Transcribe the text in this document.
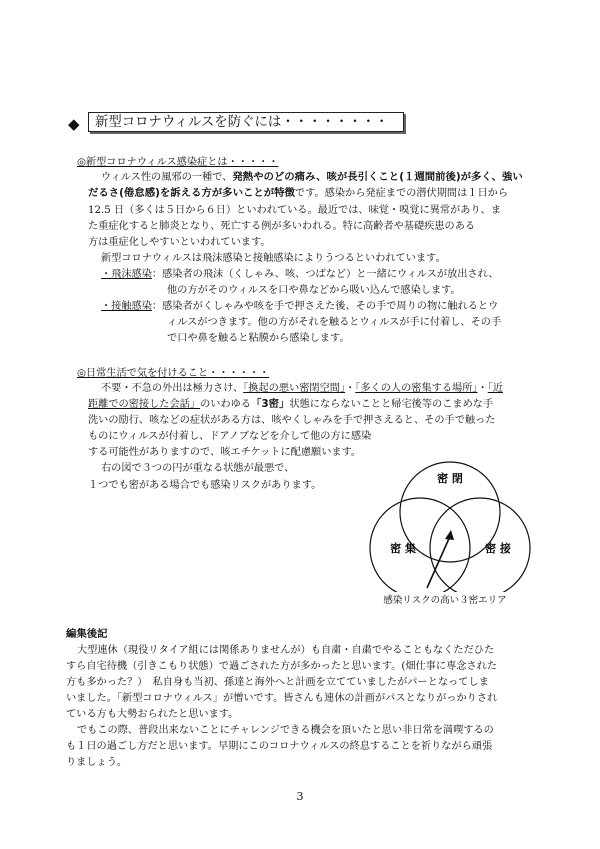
◆	新型コロナウィルスを防ぐには・・・・・・・・
◎新型コロナウィルス感染症とは・・・・・
ウィルス性の風邪の一種で、発熱やのどの痛み、咳が長引くこと(１週間前後)が多く、強い
だるさ(倦怠感)を訴える方が多いことが特徴です。感染から発症までの潜伏期間は１日から
12.5 日（多くは５日から６日）といわれている。最近では、味覚・嗅覚に異常があり、ま
た重症化すると肺炎となり、死亡する例が多いわれる。特に高齢者や基礎疾患のある
方は重症化しやすいといわれています。
新型コロナウィルスは飛沫感染と接触感染によりうつるといわれています。
・飛沫感染：感染者の飛沫（くしゃみ、咳、つばなど）と一緒にウィルスが放出され、
他の方がそのウィルスを口や鼻などから吸い込んで感染します。
・接触感染：感染者がくしゃみや咳を手で押さえた後、その手で周りの物に触れるとウ
ィルスがつきます。他の方がそれを触るとウィルスが手に付着し、その手
で口や鼻を触ると粘膜から感染します。
◎日常生活で気を付けること・・・・・・
不要・不急の外出は極力さけ、「換起の悪い密閉空間」・「多くの人の密集する場所」・「近
距離での密接した会話」のいわゆる「3密」状態にならないことと帰宅後等のこまめな手
洗いの励行、咳などの症状がある方は、咳やくしゃみを手で押さえると、その手で触った
ものにウィルスが付着し、ドアノブなどを介して他の方に感染
する可能性がありますので、咳エチケットに配慮願います。
右の図で３つの円が重なる状態が最悪で、
１つでも密がある場合でも感染リスクがあります。
密 閉
密 集	密 接
感染リスクの高い３密エリア
編集後記
大型連休（現役リタイア組には関係ありませんが）も自粛・自粛でやることもなくただひた
すら自宅待機（引きこもり状態）で過ごされた方が多かったと思います。(畑仕事に専念された
方も多かった？）　私自身も当初、孫達と海外へと計画を立てていましたがパーとなってしま
いました。「新型コロナウィルス」が憎いです。皆さんも連休の計画がパスとなりがっかりされ
ている方も大勢おられたと思います。
でもこの際、普段出来ないことにチャレンジできる機会を頂いたと思い非日常を満喫するの
も１日の過ごし方だと思います。早期にこのコロナウィルスの終息することを祈りながら頑張
りましょう。
3
